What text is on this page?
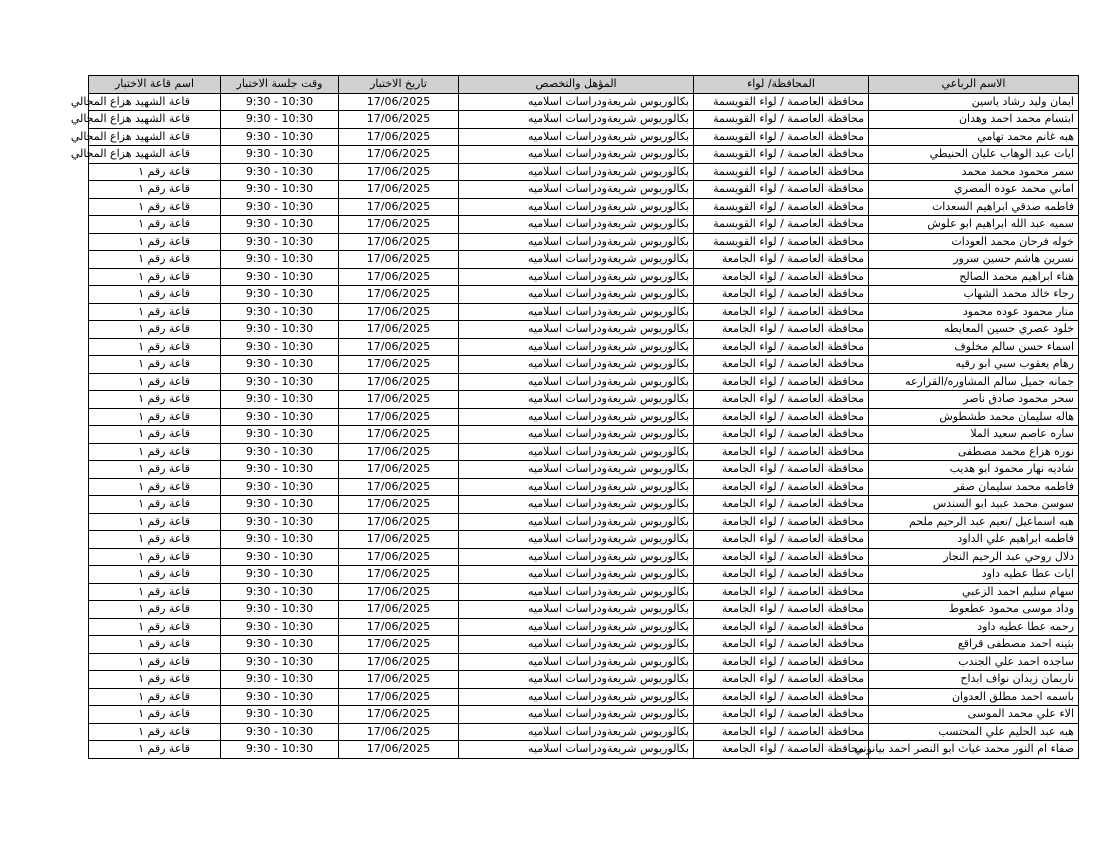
الاسم الرباعي	المحافظة/ لواء	المؤهل والتخصص	تاريخ الاختبار	وقت جلسة الاختبار	اسم قاعة الاختبار
ايمان وليد رشاد ياسين	محافظة العاصمة / لواء القويسمة	بكالوريوس شريعةودراسات اسلاميه	17/06/2025	9:30 - 10:30	قاعة الشهيد هزاع المجالي
ابتسام محمد احمد وهدان	محافظة العاصمة / لواء القويسمة	بكالوريوس شريعةودراسات اسلاميه	17/06/2025	9:30 - 10:30	قاعة الشهيد هزاع المجالي
هبه غانم محمد تهامي	محافظة العاصمة / لواء القويسمة	بكالوريوس شريعةودراسات اسلاميه	17/06/2025	9:30 - 10:30	قاعة الشهيد هزاع المجالي
ايات عبد الوهاب عليان الحنيطي	محافظة العاصمة / لواء القويسمة	بكالوريوس شريعةودراسات اسلاميه	17/06/2025	9:30 - 10:30	قاعة الشهيد هزاع المجالي
سمر محمود محمد محمد	محافظة العاصمة / لواء القويسمة	بكالوريوس شريعةودراسات اسلاميه	17/06/2025	9:30 - 10:30	قاعة رقم ١
اماني محمد عوده المصري	محافظة العاصمة / لواء القويسمة	بكالوريوس شريعةودراسات اسلاميه	17/06/2025	9:30 - 10:30	قاعة رقم ١
فاطمه صدقي ابراهيم السعدات	محافظة العاصمة / لواء القويسمة	بكالوريوس شريعةودراسات اسلاميه	17/06/2025	9:30 - 10:30	قاعة رقم ١
سميه عبد الله ابراهيم ابو علوش	محافظة العاصمة / لواء القويسمة	بكالوريوس شريعةودراسات اسلاميه	17/06/2025	9:30 - 10:30	قاعة رقم ١
خوله فرحان محمد العودات	محافظة العاصمة / لواء القويسمة	بكالوريوس شريعةودراسات اسلاميه	17/06/2025	9:30 - 10:30	قاعة رقم ١
نسرين هاشم حسين سرور	محافظة العاصمة / لواء الجامعة	بكالوريوس شريعةودراسات اسلاميه	17/06/2025	9:30 - 10:30	قاعة رقم ١
هناء ابراهيم محمد الصالح	محافظة العاصمة / لواء الجامعة	بكالوريوس شريعةودراسات اسلاميه	17/06/2025	9:30 - 10:30	قاعة رقم ١
رجاء خالد محمد الشهاب	محافظة العاصمة / لواء الجامعة	بكالوريوس شريعةودراسات اسلاميه	17/06/2025	9:30 - 10:30	قاعة رقم ١
منار محمود عوده محمود	محافظة العاصمة / لواء الجامعة	بكالوريوس شريعةودراسات اسلاميه	17/06/2025	9:30 - 10:30	قاعة رقم ١
خلود عصري حسين المعايطه	محافظة العاصمة / لواء الجامعة	بكالوريوس شريعةودراسات اسلاميه	17/06/2025	9:30 - 10:30	قاعة رقم ١
اسماء حسن سالم مخلوف	محافظة العاصمة / لواء الجامعة	بكالوريوس شريعةودراسات اسلاميه	17/06/2025	9:30 - 10:30	قاعة رقم ١
رهام يعقوب سبي ابو رقيه	محافظة العاصمة / لواء الجامعة	بكالوريوس شريعةودراسات اسلاميه	17/06/2025	9:30 - 10:30	قاعة رقم ١
جمانه جميل سالم المشاوره/القرارعه	محافظة العاصمة / لواء الجامعة	بكالوريوس شريعةودراسات اسلاميه	17/06/2025	9:30 - 10:30	قاعة رقم ١
سحر محمود صادق ناصر	محافظة العاصمة / لواء الجامعة	بكالوريوس شريعةودراسات اسلاميه	17/06/2025	9:30 - 10:30	قاعة رقم ١
هاله سليمان محمد طشطوش	محافظة العاصمة / لواء الجامعة	بكالوريوس شريعةودراسات اسلاميه	17/06/2025	9:30 - 10:30	قاعة رقم ١
ساره عاصم سعيد الملا	محافظة العاصمة / لواء الجامعة	بكالوريوس شريعةودراسات اسلاميه	17/06/2025	9:30 - 10:30	قاعة رقم ١
نوره هزاع محمد مصطفى	محافظة العاصمة / لواء الجامعة	بكالوريوس شريعةودراسات اسلاميه	17/06/2025	9:30 - 10:30	قاعة رقم ١
شاديه نهار محمود ابو هديب	محافظة العاصمة / لواء الجامعة	بكالوريوس شريعةودراسات اسلاميه	17/06/2025	9:30 - 10:30	قاعة رقم ١
فاطمه محمد سليمان صقر	محافظة العاصمة / لواء الجامعة	بكالوريوس شريعةودراسات اسلاميه	17/06/2025	9:30 - 10:30	قاعة رقم ١
سوسن محمد عبيد ابو السندس	محافظة العاصمة / لواء الجامعة	بكالوريوس شريعةودراسات اسلاميه	17/06/2025	9:30 - 10:30	قاعة رقم ١
هبه اسماعيل /نعيم عبد الرحيم ملحم	محافظة العاصمة / لواء الجامعة	بكالوريوس شريعةودراسات اسلاميه	17/06/2025	9:30 - 10:30	قاعة رقم ١
فاطمه ابراهيم علي الداود	محافظة العاصمة / لواء الجامعة	بكالوريوس شريعةودراسات اسلاميه	17/06/2025	9:30 - 10:30	قاعة رقم ١
دلال روحي عبد الرحيم النجار	محافظة العاصمة / لواء الجامعة	بكالوريوس شريعةودراسات اسلاميه	17/06/2025	9:30 - 10:30	قاعة رقم ١
ايات عطا عطيه داود	محافظة العاصمة / لواء الجامعة	بكالوريوس شريعةودراسات اسلاميه	17/06/2025	9:30 - 10:30	قاعة رقم ١
سهام سليم احمد الزعبي	محافظة العاصمة / لواء الجامعة	بكالوريوس شريعةودراسات اسلاميه	17/06/2025	9:30 - 10:30	قاعة رقم ١
وداد موسى محمود عطعوط	محافظة العاصمة / لواء الجامعة	بكالوريوس شريعةودراسات اسلاميه	17/06/2025	9:30 - 10:30	قاعة رقم ١
رحمه عطا عطيه داود	محافظة العاصمة / لواء الجامعة	بكالوريوس شريعةودراسات اسلاميه	17/06/2025	9:30 - 10:30	قاعة رقم ١
بثينه احمد مصطفى قراقع	محافظة العاصمة / لواء الجامعة	بكالوريوس شريعةودراسات اسلاميه	17/06/2025	9:30 - 10:30	قاعة رقم ١
ساجده احمد علي الجندب	محافظة العاصمة / لواء الجامعة	بكالوريوس شريعةودراسات اسلاميه	17/06/2025	9:30 - 10:30	قاعة رقم ١
ناريمان زيدان نواف ابداح	محافظة العاصمة / لواء الجامعة	بكالوريوس شريعةودراسات اسلاميه	17/06/2025	9:30 - 10:30	قاعة رقم ١
باسمه احمد مطلق العدوان	محافظة العاصمة / لواء الجامعة	بكالوريوس شريعةودراسات اسلاميه	17/06/2025	9:30 - 10:30	قاعة رقم ١
الاء علي محمد الموسى	محافظة العاصمة / لواء الجامعة	بكالوريوس شريعةودراسات اسلاميه	17/06/2025	9:30 - 10:30	قاعة رقم ١
هبه عبد الحليم علي المحتسب	محافظة العاصمة / لواء الجامعة	بكالوريوس شريعةودراسات اسلاميه	17/06/2025	9:30 - 10:30	قاعة رقم ١
صفاء ام النور محمد غياث ابو النصر احمد بيانوني	محافظة العاصمة / لواء الجامعة	بكالوريوس شريعةودراسات اسلاميه	17/06/2025	9:30 - 10:30	قاعة رقم ١
